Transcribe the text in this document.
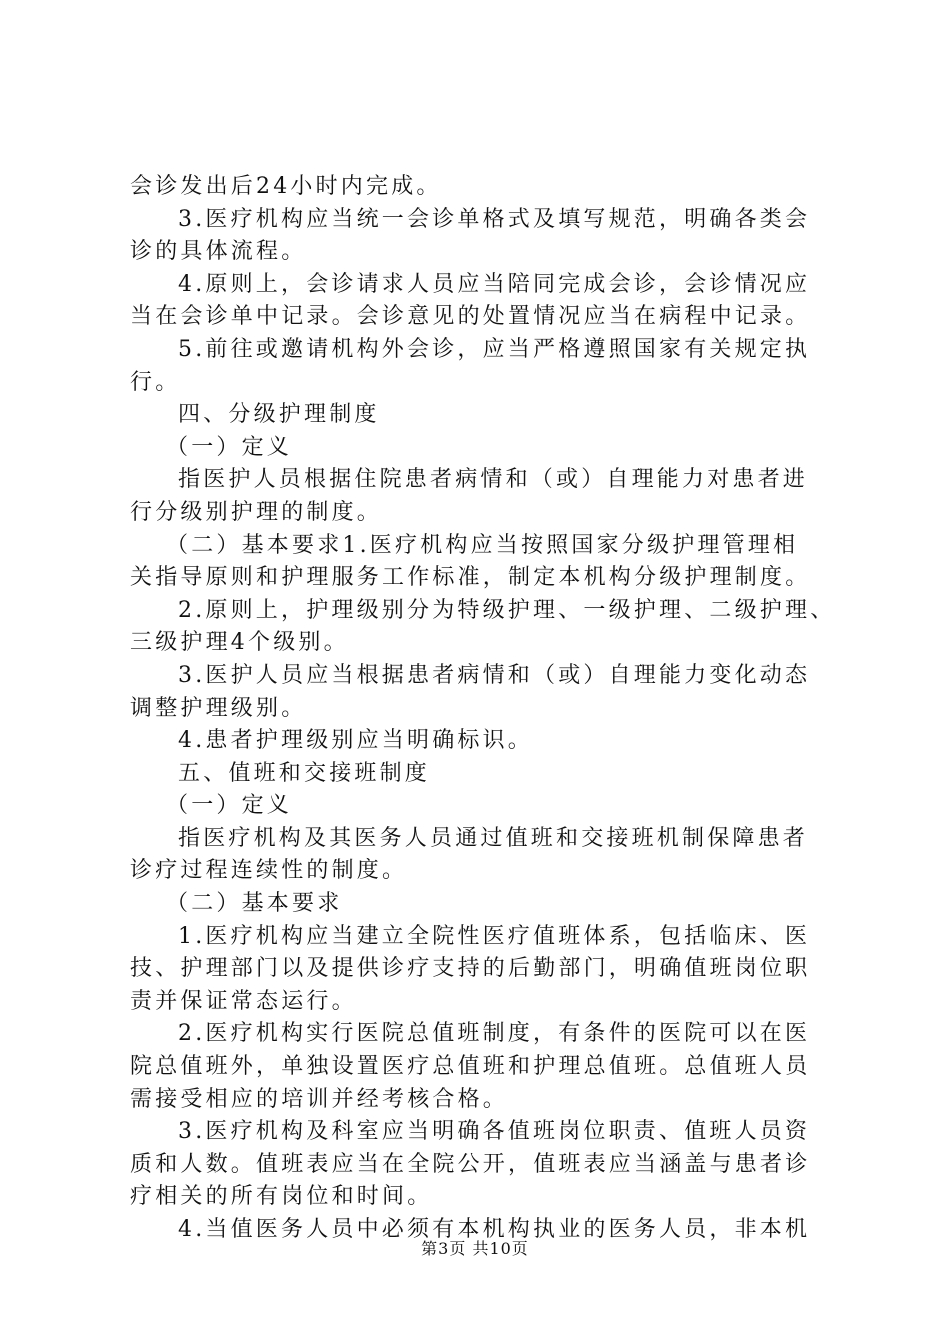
会诊发出后24小时内完成。
3.医疗机构应当统一会诊单格式及填写规范，明确各类会
诊的具体流程。
4.原则上，会诊请求人员应当陪同完成会诊，会诊情况应
当在会诊单中记录。会诊意见的处置情况应当在病程中记录。
5.前往或邀请机构外会诊，应当严格遵照国家有关规定执
行。
四、分级护理制度
（一）定义
指医护人员根据住院患者病情和（或）自理能力对患者进
行分级别护理的制度。
（二）基本要求1.医疗机构应当按照国家分级护理管理相
关指导原则和护理服务工作标准，制定本机构分级护理制度。
2.原则上，护理级别分为特级护理、一级护理、二级护理、
三级护理4个级别。
3.医护人员应当根据患者病情和（或）自理能力变化动态
调整护理级别。
4.患者护理级别应当明确标识。
五、值班和交接班制度
（一）定义
指医疗机构及其医务人员通过值班和交接班机制保障患者
诊疗过程连续性的制度。
（二）基本要求
1.医疗机构应当建立全院性医疗值班体系，包括临床、医
技、护理部门以及提供诊疗支持的后勤部门，明确值班岗位职
责并保证常态运行。
2.医疗机构实行医院总值班制度，有条件的医院可以在医
院总值班外，单独设置医疗总值班和护理总值班。总值班人员
需接受相应的培训并经考核合格。
3.医疗机构及科室应当明确各值班岗位职责、值班人员资
质和人数。值班表应当在全院公开，值班表应当涵盖与患者诊
疗相关的所有岗位和时间。
4.当值医务人员中必须有本机构执业的医务人员，非本机
第3页 共10页
